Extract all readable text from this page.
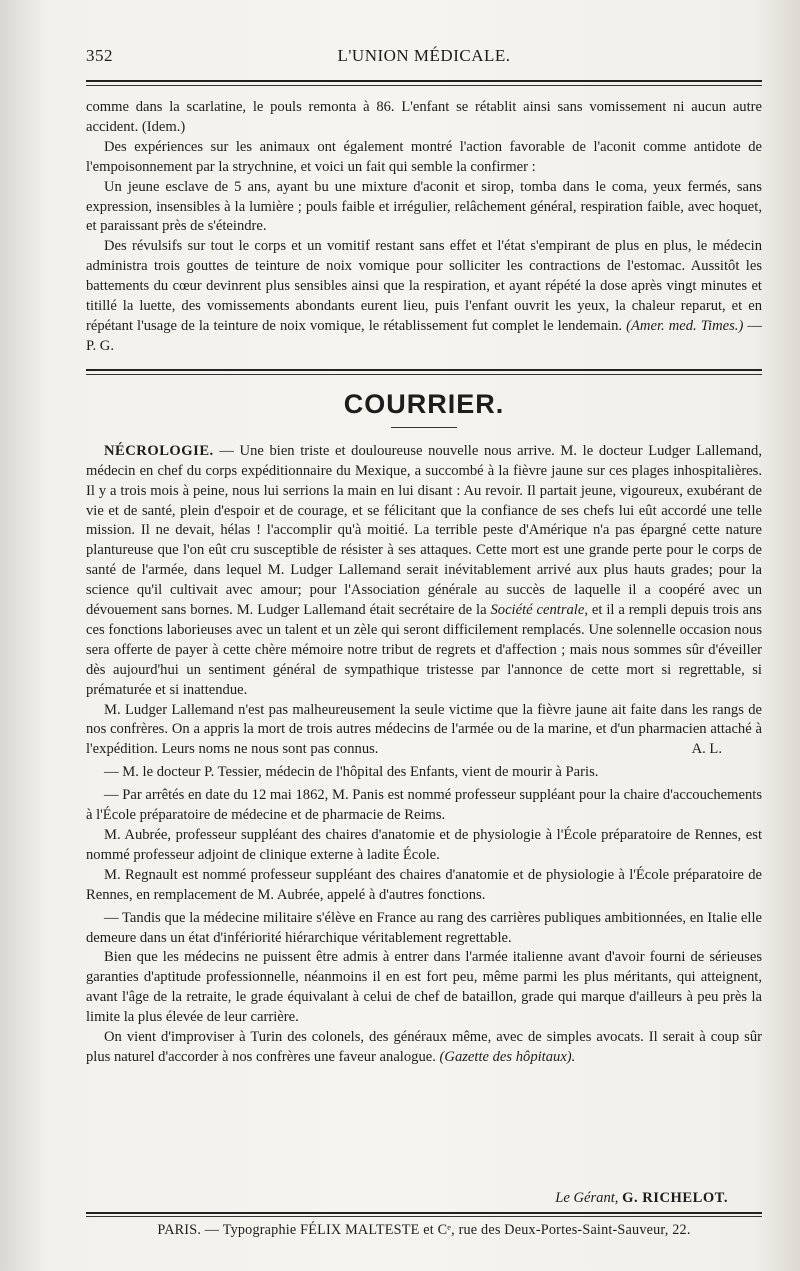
352	L'UNION MÉDICALE.

comme dans la scarlatine, le pouls remonta à 86. L'enfant se rétablit ainsi sans vomissement ni aucun autre accident. (Idem.)

Des expériences sur les animaux ont également montré l'action favorable de l'aconit comme antidote de l'empoisonnement par la strychnine, et voici un fait qui semble la confirmer :

Un jeune esclave de 5 ans, ayant bu une mixture d'aconit et sirop, tomba dans le coma, yeux fermés, sans expression, insensibles à la lumière ; pouls faible et irrégulier, relâchement général, respiration faible, avec hoquet, et paraissant près de s'éteindre.

Des révulsifs sur tout le corps et un vomitif restant sans effet et l'état s'empirant de plus en plus, le médecin administra trois gouttes de teinture de noix vomique pour solliciter les contractions de l'estomac. Aussitôt les battements du cœur devinrent plus sensibles ainsi que la respiration, et ayant répété la dose après vingt minutes et titillé la luette, des vomissements abondants eurent lieu, puis l'enfant ouvrit les yeux, la chaleur reparut, et en répétant l'usage de la teinture de noix vomique, le rétablissement fut complet le lendemain. (Amer. med. Times.) — P. G.

COURRIER.

NÉCROLOGIE. — Une bien triste et douloureuse nouvelle nous arrive. M. le docteur Ludger Lallemand, médecin en chef du corps expéditionnaire du Mexique, a succombé à la fièvre jaune sur ces plages inhospitalières. Il y a trois mois à peine, nous lui serrions la main en lui disant : Au revoir. Il partait jeune, vigoureux, exubérant de vie et de santé, plein d'espoir et de courage, et se félicitant que la confiance de ses chefs lui eût accordé une telle mission. Il ne devait, hélas ! l'accomplir qu'à moitié. La terrible peste d'Amérique n'a pas épargné cette nature plantureuse que l'on eût cru susceptible de résister à ses attaques. Cette mort est une grande perte pour le corps de santé de l'armée, dans lequel M. Ludger Lallemand serait inévitablement arrivé aux plus hauts grades; pour la science qu'il cultivait avec amour; pour l'Association générale au succès de laquelle il a coopéré avec un dévouement sans bornes. M. Ludger Lallemand était secrétaire de la Société centrale, et il a rempli depuis trois ans ces fonctions laborieuses avec un talent et un zèle qui seront difficilement remplacés. Une solennelle occasion nous sera offerte de payer à cette chère mémoire notre tribut de regrets et d'affection ; mais nous sommes sûr d'éveiller dès aujourd'hui un sentiment général de sympathique tristesse par l'annonce de cette mort si regrettable, si prématurée et si inattendue.

M. Ludger Lallemand n'est pas malheureusement la seule victime que la fièvre jaune ait faite dans les rangs de nos confrères. On a appris la mort de trois autres médecins de l'armée ou de la marine, et d'un pharmacien attaché à l'expédition. Leurs noms ne nous sont pas connus.	A. L.

— M. le docteur P. Tessier, médecin de l'hôpital des Enfants, vient de mourir à Paris.

— Par arrêtés en date du 12 mai 1862, M. Panis est nommé professeur suppléant pour la chaire d'accouchements à l'École préparatoire de médecine et de pharmacie de Reims.

M. Aubrée, professeur suppléant des chaires d'anatomie et de physiologie à l'École préparatoire de Rennes, est nommé professeur adjoint de clinique externe à ladite École.

M. Regnault est nommé professeur suppléant des chaires d'anatomie et de physiologie à l'École préparatoire de Rennes, en remplacement de M. Aubrée, appelé à d'autres fonctions.

— Tandis que la médecine militaire s'élève en France au rang des carrières publiques ambitionnées, en Italie elle demeure dans un état d'infériorité hiérarchique véritablement regrettable.

Bien que les médecins ne puissent être admis à entrer dans l'armée italienne avant d'avoir fourni de sérieuses garanties d'aptitude professionnelle, néanmoins il en est fort peu, même parmi les plus méritants, qui atteignent, avant l'âge de la retraite, le grade équivalant à celui de chef de bataillon, grade qui marque d'ailleurs à peu près la limite la plus élevée de leur carrière.

On vient d'improviser à Turin des colonels, des généraux même, avec de simples avocats. Il serait à coup sûr plus naturel d'accorder à nos confrères une faveur analogue. (Gazette des hôpitaux).

Le Gérant, G. RICHELOT.
PARIS. — Typographie FÉLIX MALTESTE et Cᵉ, rue des Deux-Portes-Saint-Sauveur, 22.
